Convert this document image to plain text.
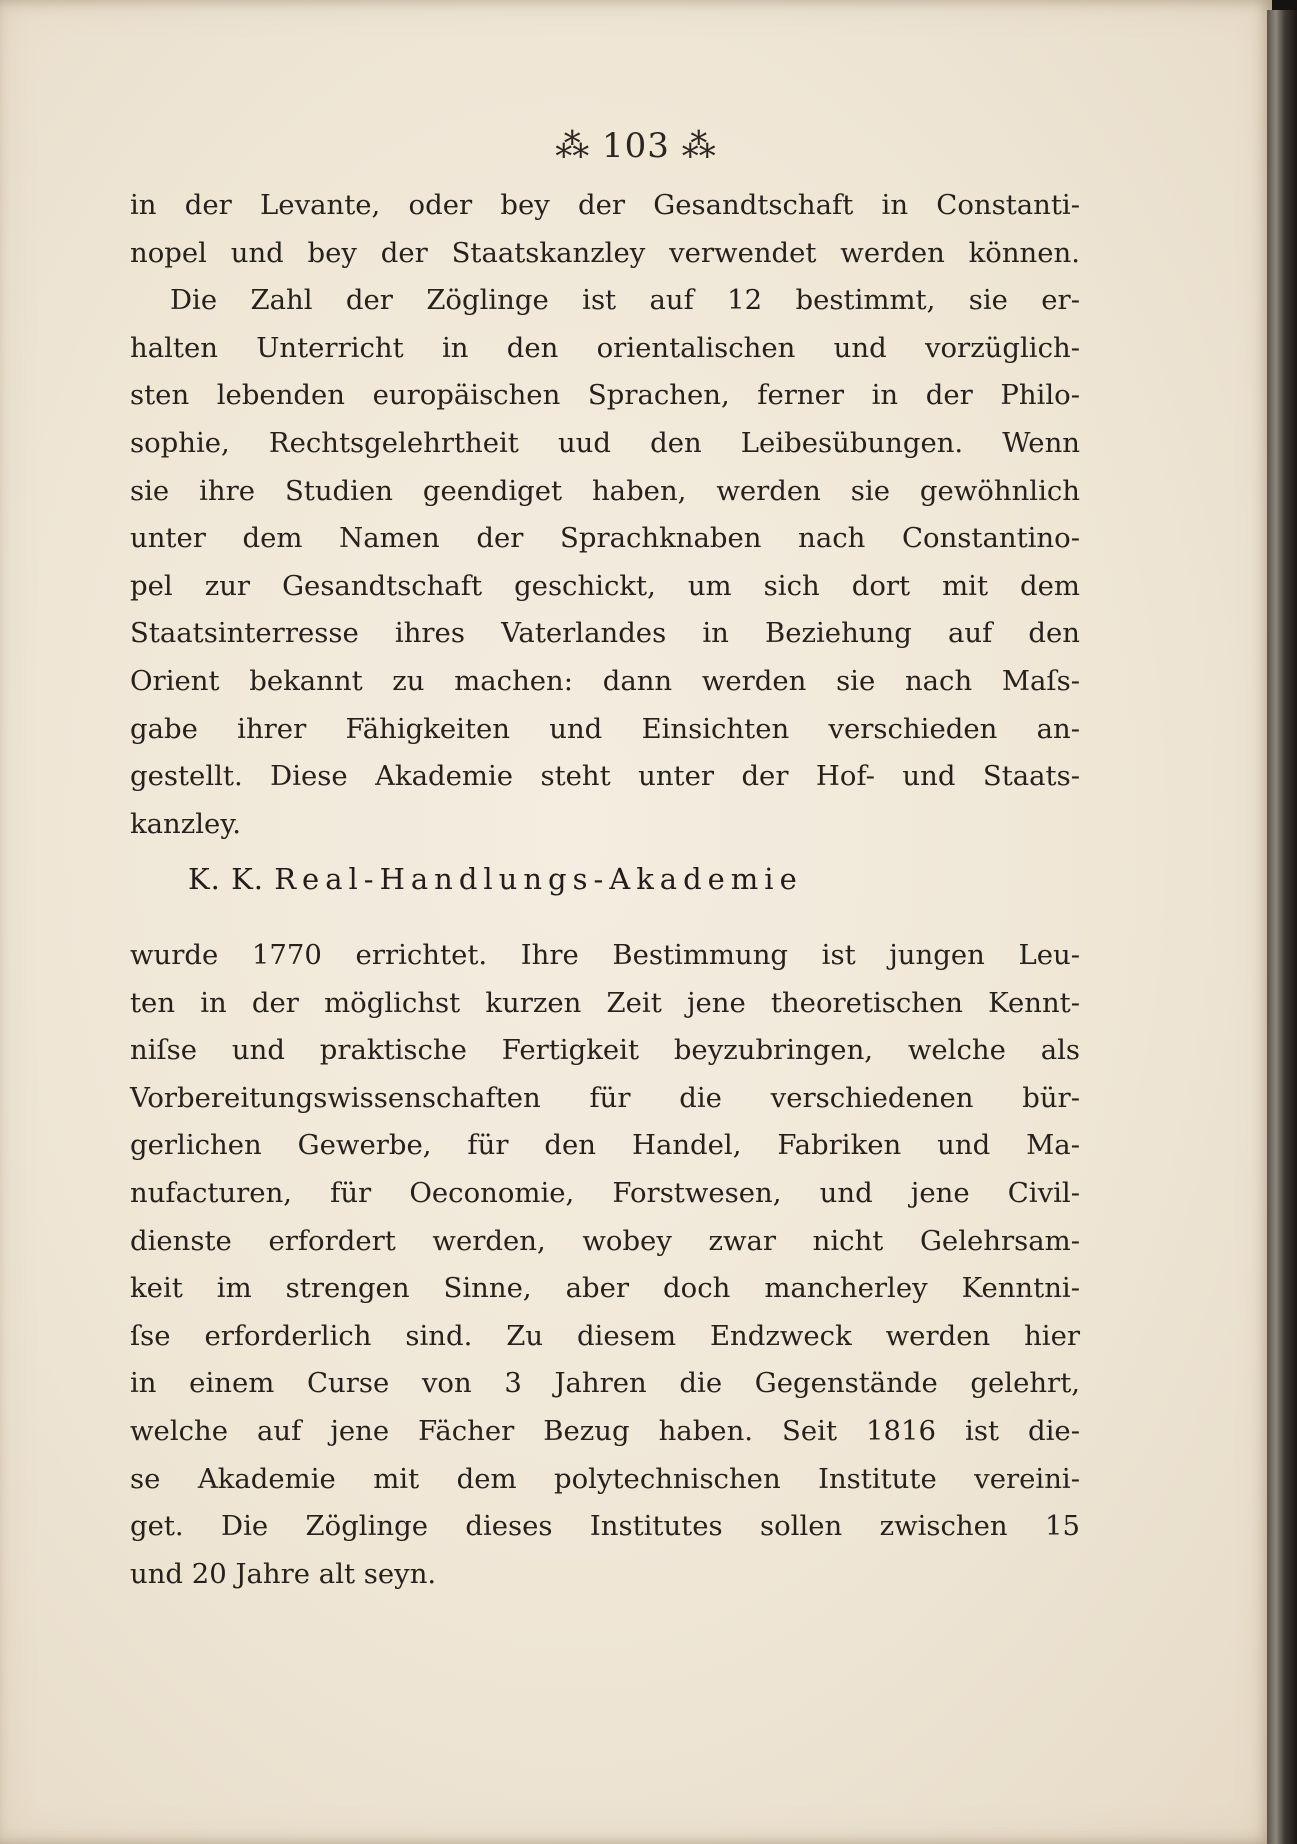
⁂ 103 ⁂
in der Levante, oder bey der Gesandtschaft in Constanti-
nopel und bey der Staatskanzley verwendet werden können.
Die Zahl der Zöglinge ist auf 12 bestimmt, sie er-
halten Unterricht in den orientalischen und vorzüglich-
sten lebenden europäischen Sprachen, ferner in der Philo-
sophie, Rechtsgelehrtheit uud den Leibesübungen. Wenn
sie ihre Studien geendiget haben, werden sie gewöhnlich
unter dem Namen der Sprachknaben nach Constantino-
pel zur Gesandtschaft geschickt, um sich dort mit dem
Staatsinterresse ihres Vaterlandes in Beziehung auf den
Orient bekannt zu machen: dann werden sie nach Maſs-
gabe ihrer Fähigkeiten und Einsichten verschieden an-
gestellt. Diese Akademie steht unter der Hof- und Staats-
kanzley.
K. K. Real-Handlungs-Akademie
wurde 1770 errichtet. Ihre Bestimmung ist jungen Leu-
ten in der möglichst kurzen Zeit jene theoretischen Kennt-
niſse und praktische Fertigkeit beyzubringen, welche als
Vorbereitungswissenschaften für die verschiedenen bür-
gerlichen Gewerbe, für den Handel, Fabriken und Ma-
nufacturen, für Oeconomie, Forstwesen, und jene Civil-
dienste erfordert werden, wobey zwar nicht Gelehrsam-
keit im strengen Sinne, aber doch mancherley Kenntni-
ſse erforderlich sind. Zu diesem Endzweck werden hier
in einem Curse von 3 Jahren die Gegenstände gelehrt,
welche auf jene Fächer Bezug haben. Seit 1816 ist die-
se Akademie mit dem polytechnischen Institute vereini-
get. Die Zöglinge dieses Institutes sollen zwischen 15
und 20 Jahre alt seyn.
